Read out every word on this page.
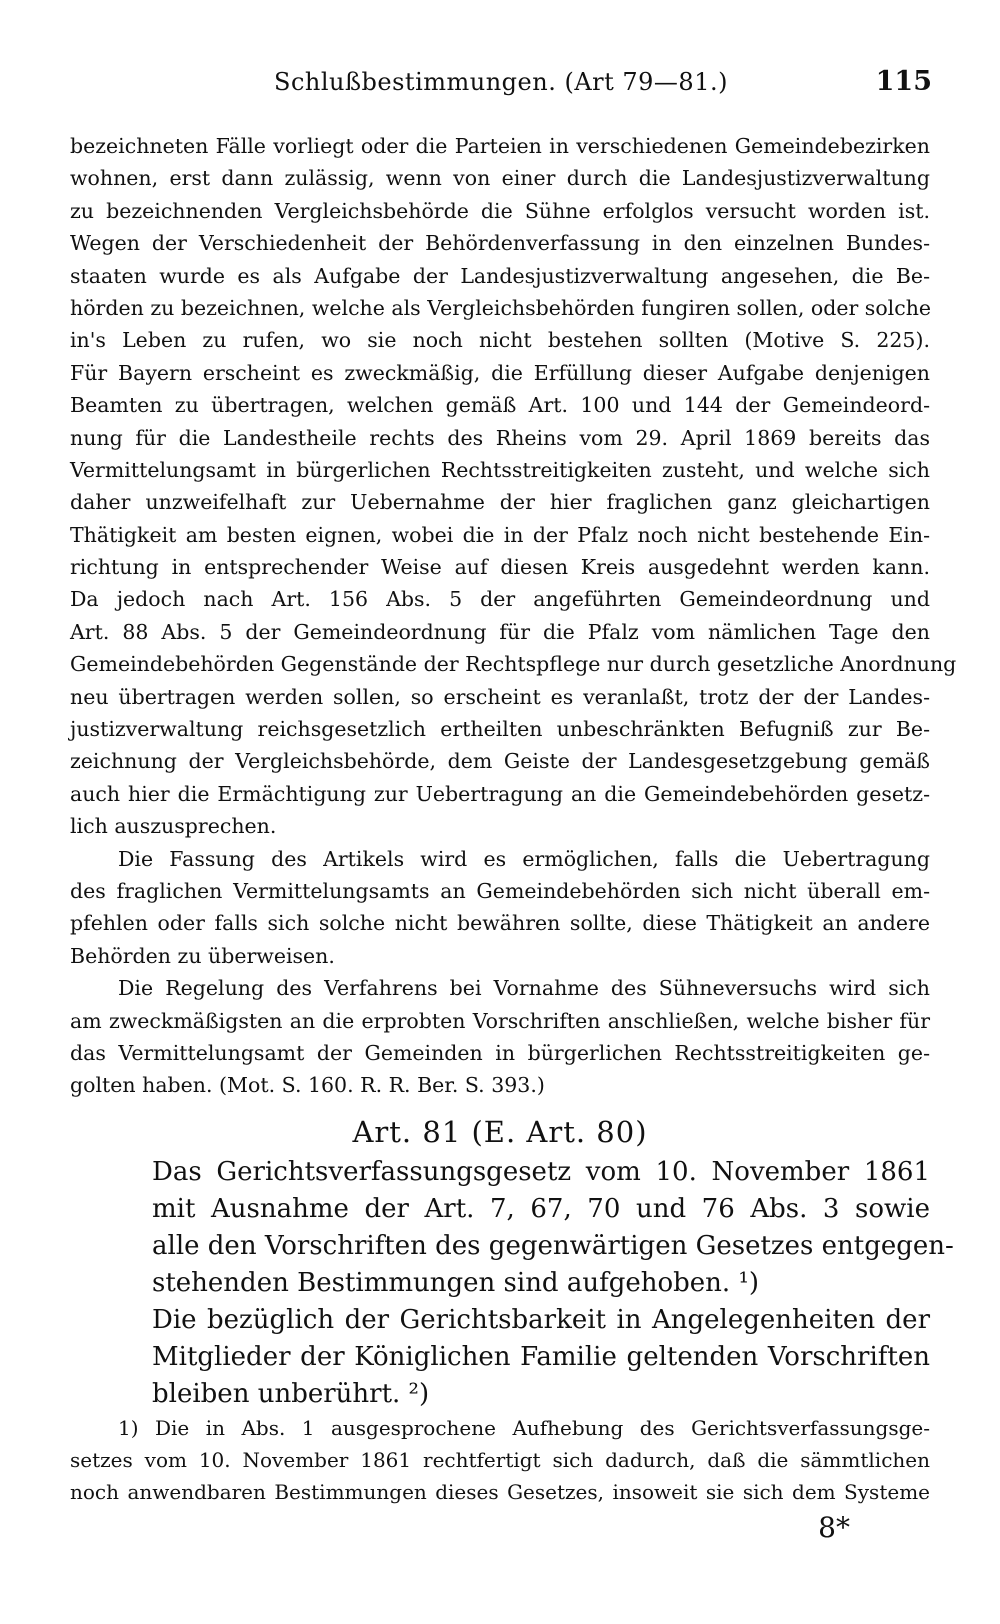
Schlußbestimmungen. (Art 79—81.)	115
bezeichneten Fälle vorliegt oder die Parteien in verschiedenen Gemeindebezirken
wohnen, erst dann zulässig, wenn von einer durch die Landesjustizverwaltung
zu bezeichnenden Vergleichsbehörde die Sühne erfolglos versucht worden ist.
Wegen der Verschiedenheit der Behördenverfassung in den einzelnen Bundes-
staaten wurde es als Aufgabe der Landesjustizverwaltung angesehen, die Be-
hörden zu bezeichnen, welche als Vergleichsbehörden fungiren sollen, oder solche
in's Leben zu rufen, wo sie noch nicht bestehen sollten (Motive S. 225).
Für Bayern erscheint es zweckmäßig, die Erfüllung dieser Aufgabe denjenigen
Beamten zu übertragen, welchen gemäß Art. 100 und 144 der Gemeindeord-
nung für die Landestheile rechts des Rheins vom 29. April 1869 bereits das
Vermittelungsamt in bürgerlichen Rechtsstreitigkeiten zusteht, und welche sich
daher unzweifelhaft zur Uebernahme der hier fraglichen ganz gleichartigen
Thätigkeit am besten eignen, wobei die in der Pfalz noch nicht bestehende Ein-
richtung in entsprechender Weise auf diesen Kreis ausgedehnt werden kann.
Da jedoch nach Art. 156 Abs. 5 der angeführten Gemeindeordnung und
Art. 88 Abs. 5 der Gemeindeordnung für die Pfalz vom nämlichen Tage den
Gemeindebehörden Gegenstände der Rechtspflege nur durch gesetzliche Anordnung
neu übertragen werden sollen, so erscheint es veranlaßt, trotz der der Landes-
justizverwaltung reichsgesetzlich ertheilten unbeschränkten Befugniß zur Be-
zeichnung der Vergleichsbehörde, dem Geiste der Landesgesetzgebung gemäß
auch hier die Ermächtigung zur Uebertragung an die Gemeindebehörden gesetz-
lich auszusprechen.
Die Fassung des Artikels wird es ermöglichen, falls die Uebertragung
des fraglichen Vermittelungsamts an Gemeindebehörden sich nicht überall em-
pfehlen oder falls sich solche nicht bewähren sollte, diese Thätigkeit an andere
Behörden zu überweisen.
Die Regelung des Verfahrens bei Vornahme des Sühneversuchs wird sich
am zweckmäßigsten an die erprobten Vorschriften anschließen, welche bisher für
das Vermittelungsamt der Gemeinden in bürgerlichen Rechtsstreitigkeiten ge-
golten haben. (Mot. S. 160. R. R. Ber. S. 393.)
Art. 81 (E. Art. 80)
Das Gerichtsverfassungsgesetz vom 10. November 1861
mit Ausnahme der Art. 7, 67, 70 und 76 Abs. 3 sowie
alle den Vorschriften des gegenwärtigen Gesetzes entgegen-
stehenden Bestimmungen sind aufgehoben. ¹)
Die bezüglich der Gerichtsbarkeit in Angelegenheiten der
Mitglieder der Königlichen Familie geltenden Vorschriften
bleiben unberührt. ²)
1) Die in Abs. 1 ausgesprochene Aufhebung des Gerichtsverfassungsge-
setzes vom 10. November 1861 rechtfertigt sich dadurch, daß die sämmtlichen
noch anwendbaren Bestimmungen dieses Gesetzes, insoweit sie sich dem Systeme
8*
